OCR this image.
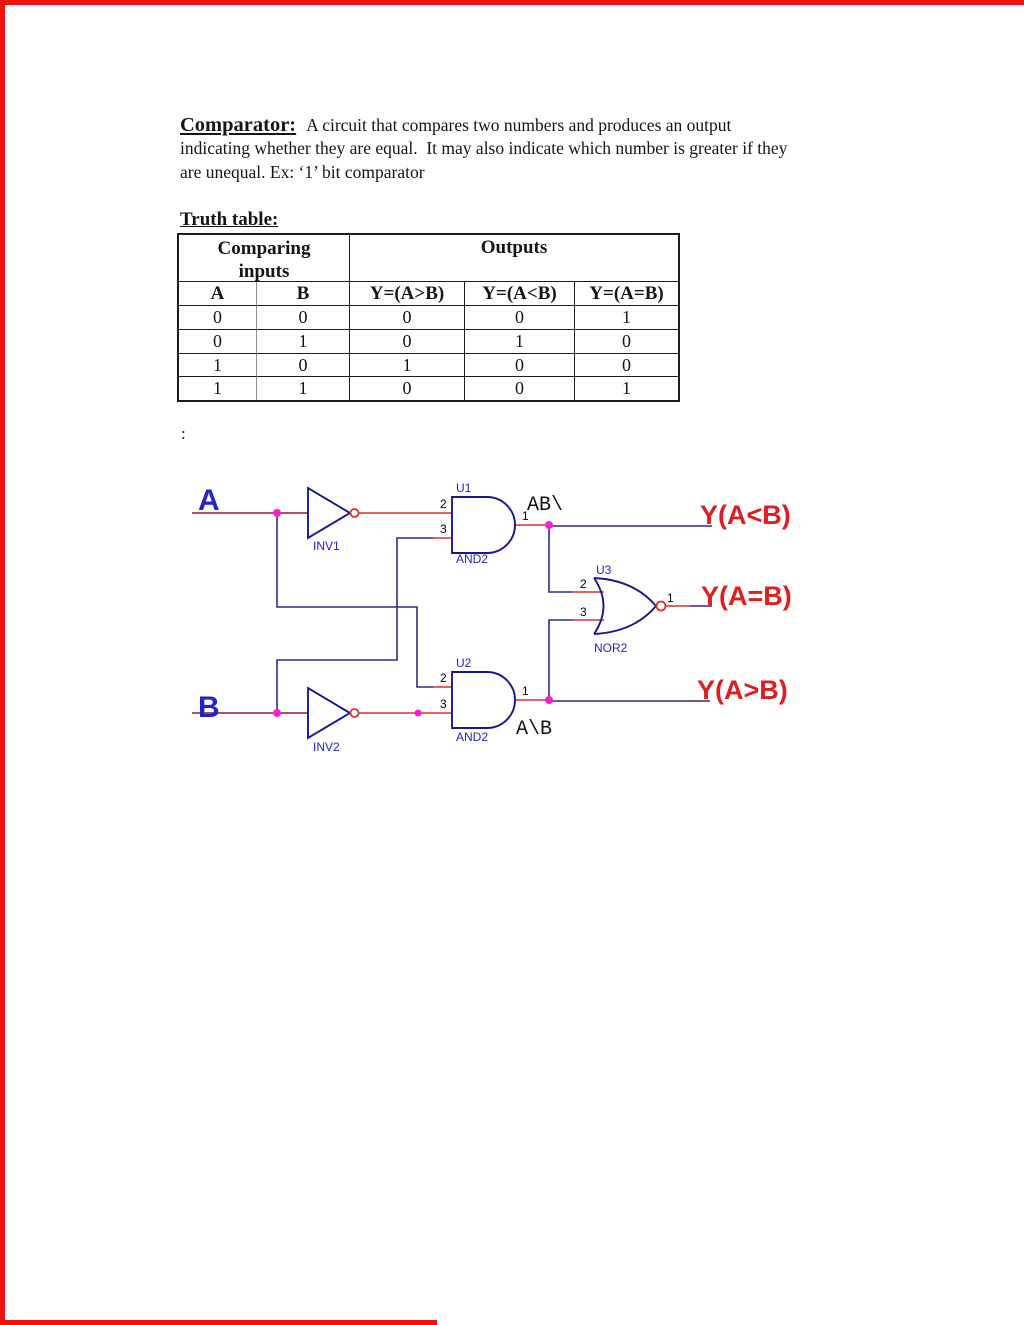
Comparator: A circuit that compares two numbers and produces an output
indicating whether they are equal.  It may also indicate which number is greater if they
are unequal. Ex: ‘1’ bit comparator
Truth table:
Comparing inputs
Outputs
A	B	Y=(A>B)	Y=(A<B)	Y=(A=B)
0	0	0	0	1
0	1	0	1	0
1	0	1	0	0
1	1	0	0	1
:
A
B
Y(A<B)
Y(A=B)
Y(A>B)
AB\
A\B
INV1
INV2
U1
AND2
U2
AND2
U3
NOR2
2
3
1
2
3
1
2
3
1
